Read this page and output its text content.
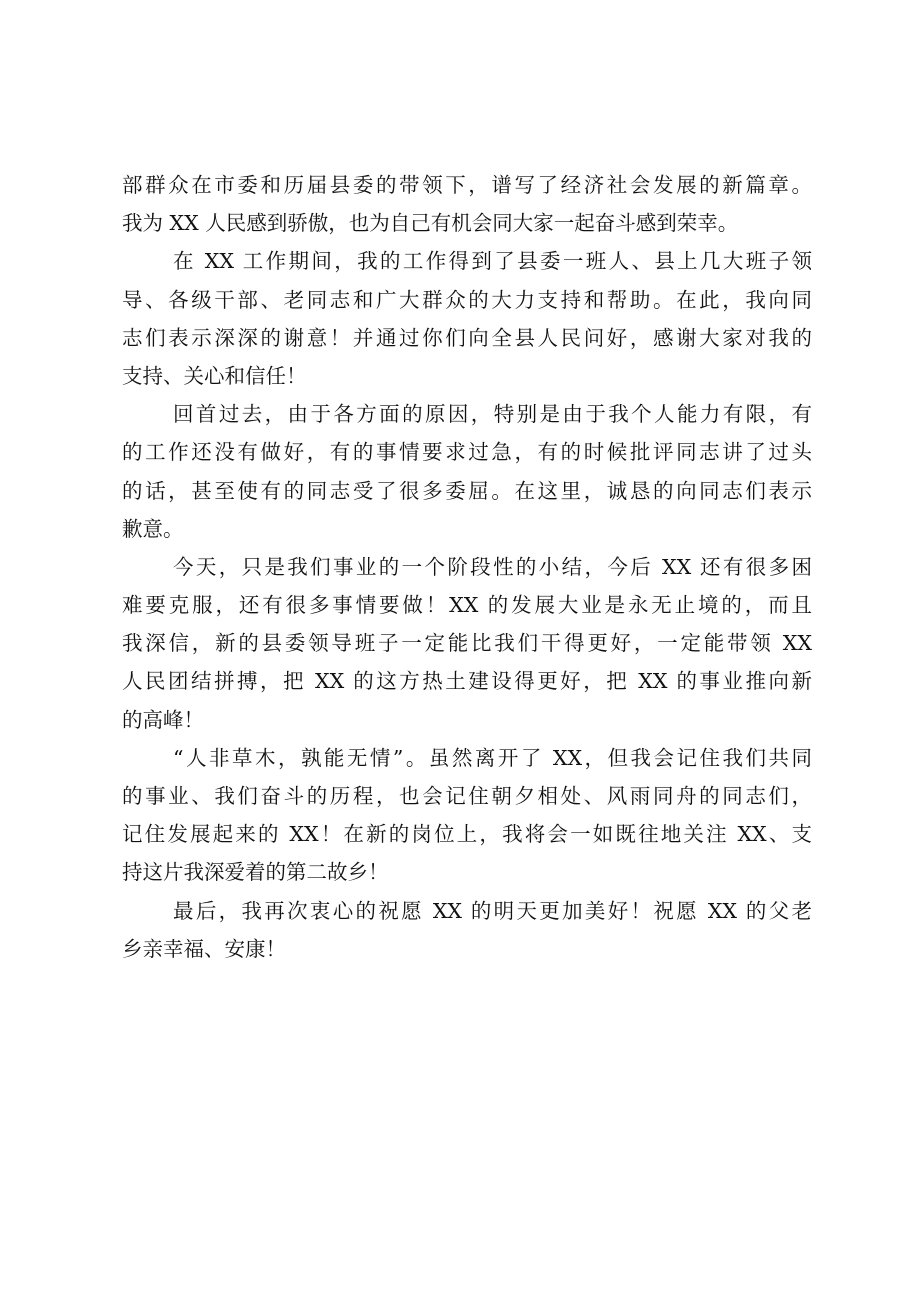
部群众在市委和历届县委的带领下，谱写了经济社会发展的新篇章。
我为 XX 人民感到骄傲，也为自己有机会同大家一起奋斗感到荣幸。
在 XX 工作期间，我的工作得到了县委一班人、县上几大班子领
导、各级干部、老同志和广大群众的大力支持和帮助。在此，我向同
志们表示深深的谢意！并通过你们向全县人民问好，感谢大家对我的
支持、关心和信任！
回首过去，由于各方面的原因，特别是由于我个人能力有限，有
的工作还没有做好，有的事情要求过急，有的时候批评同志讲了过头
的话，甚至使有的同志受了很多委屈。在这里，诚恳的向同志们表示
歉意。
今天，只是我们事业的一个阶段性的小结，今后 XX 还有很多困
难要克服，还有很多事情要做！XX 的发展大业是永无止境的，而且
我深信，新的县委领导班子一定能比我们干得更好，一定能带领 XX
人民团结拼搏，把 XX 的这方热土建设得更好，把 XX 的事业推向新
的高峰！
“人非草木，孰能无情”。虽然离开了 XX，但我会记住我们共同
的事业、我们奋斗的历程，也会记住朝夕相处、风雨同舟的同志们，
记住发展起来的 XX！在新的岗位上，我将会一如既往地关注 XX、支
持这片我深爱着的第二故乡！
最后，我再次衷心的祝愿 XX 的明天更加美好！祝愿 XX 的父老
乡亲幸福、安康！
